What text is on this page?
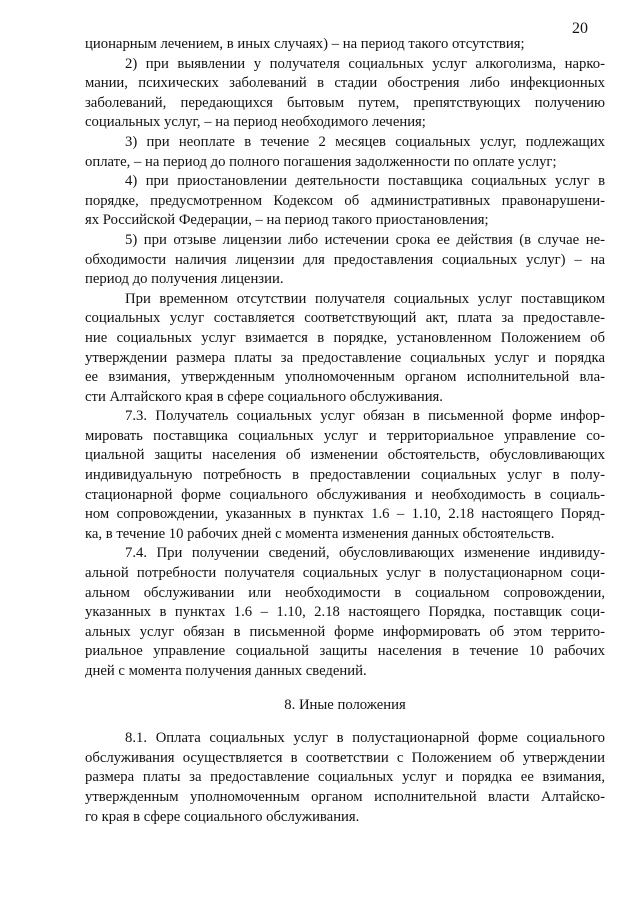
20
ционарным лечением, в иных случаях) – на период такого отсутствия;
2) при выявлении у получателя социальных услуг алкоголизма, нарко-
мании, психических заболеваний в стадии обострения либо инфекционных
заболеваний, передающихся бытовым путем, препятствующих получению
социальных услуг, – на период необходимого лечения;
3) при неоплате в течение 2 месяцев социальных услуг, подлежащих
оплате, – на период до полного погашения задолженности по оплате услуг;
4) при приостановлении деятельности поставщика социальных услуг в
порядке, предусмотренном Кодексом об административных правонарушени-
ях Российской Федерации, – на период такого приостановления;
5) при отзыве лицензии либо истечении срока ее действия (в случае не-
обходимости наличия лицензии для предоставления социальных услуг) – на
период до получения лицензии.
При временном отсутствии получателя социальных услуг поставщиком
социальных услуг составляется соответствующий акт, плата за предоставле-
ние социальных услуг взимается в порядке, установленном Положением об
утверждении размера платы за предоставление социальных услуг и порядка
ее взимания, утвержденным уполномоченным органом исполнительной вла-
сти Алтайского края в сфере социального обслуживания.
7.3. Получатель социальных услуг обязан в письменной форме инфор-
мировать поставщика социальных услуг и территориальное управление со-
циальной защиты населения об изменении обстоятельств, обусловливающих
индивидуальную потребность в предоставлении социальных услуг в полу-
стационарной форме социального обслуживания и необходимость в социаль-
ном сопровождении, указанных в пунктах 1.6 – 1.10, 2.18 настоящего Поряд-
ка, в течение 10 рабочих дней с момента изменения данных обстоятельств.
7.4. При получении сведений, обусловливающих изменение индивиду-
альной потребности получателя социальных услуг в полустационарном соци-
альном обслуживании или необходимости в социальном сопровождении,
указанных в пунктах 1.6 – 1.10, 2.18 настоящего Порядка, поставщик соци-
альных услуг обязан в письменной форме информировать об этом террито-
риальное управление социальной защиты населения в течение 10 рабочих
дней с момента получения данных сведений.
8. Иные положения
8.1. Оплата социальных услуг в полустационарной форме социального
обслуживания осуществляется в соответствии с Положением об утверждении
размера платы за предоставление социальных услуг и порядка ее взимания,
утвержденным уполномоченным органом исполнительной власти Алтайско-
го края в сфере социального обслуживания.
